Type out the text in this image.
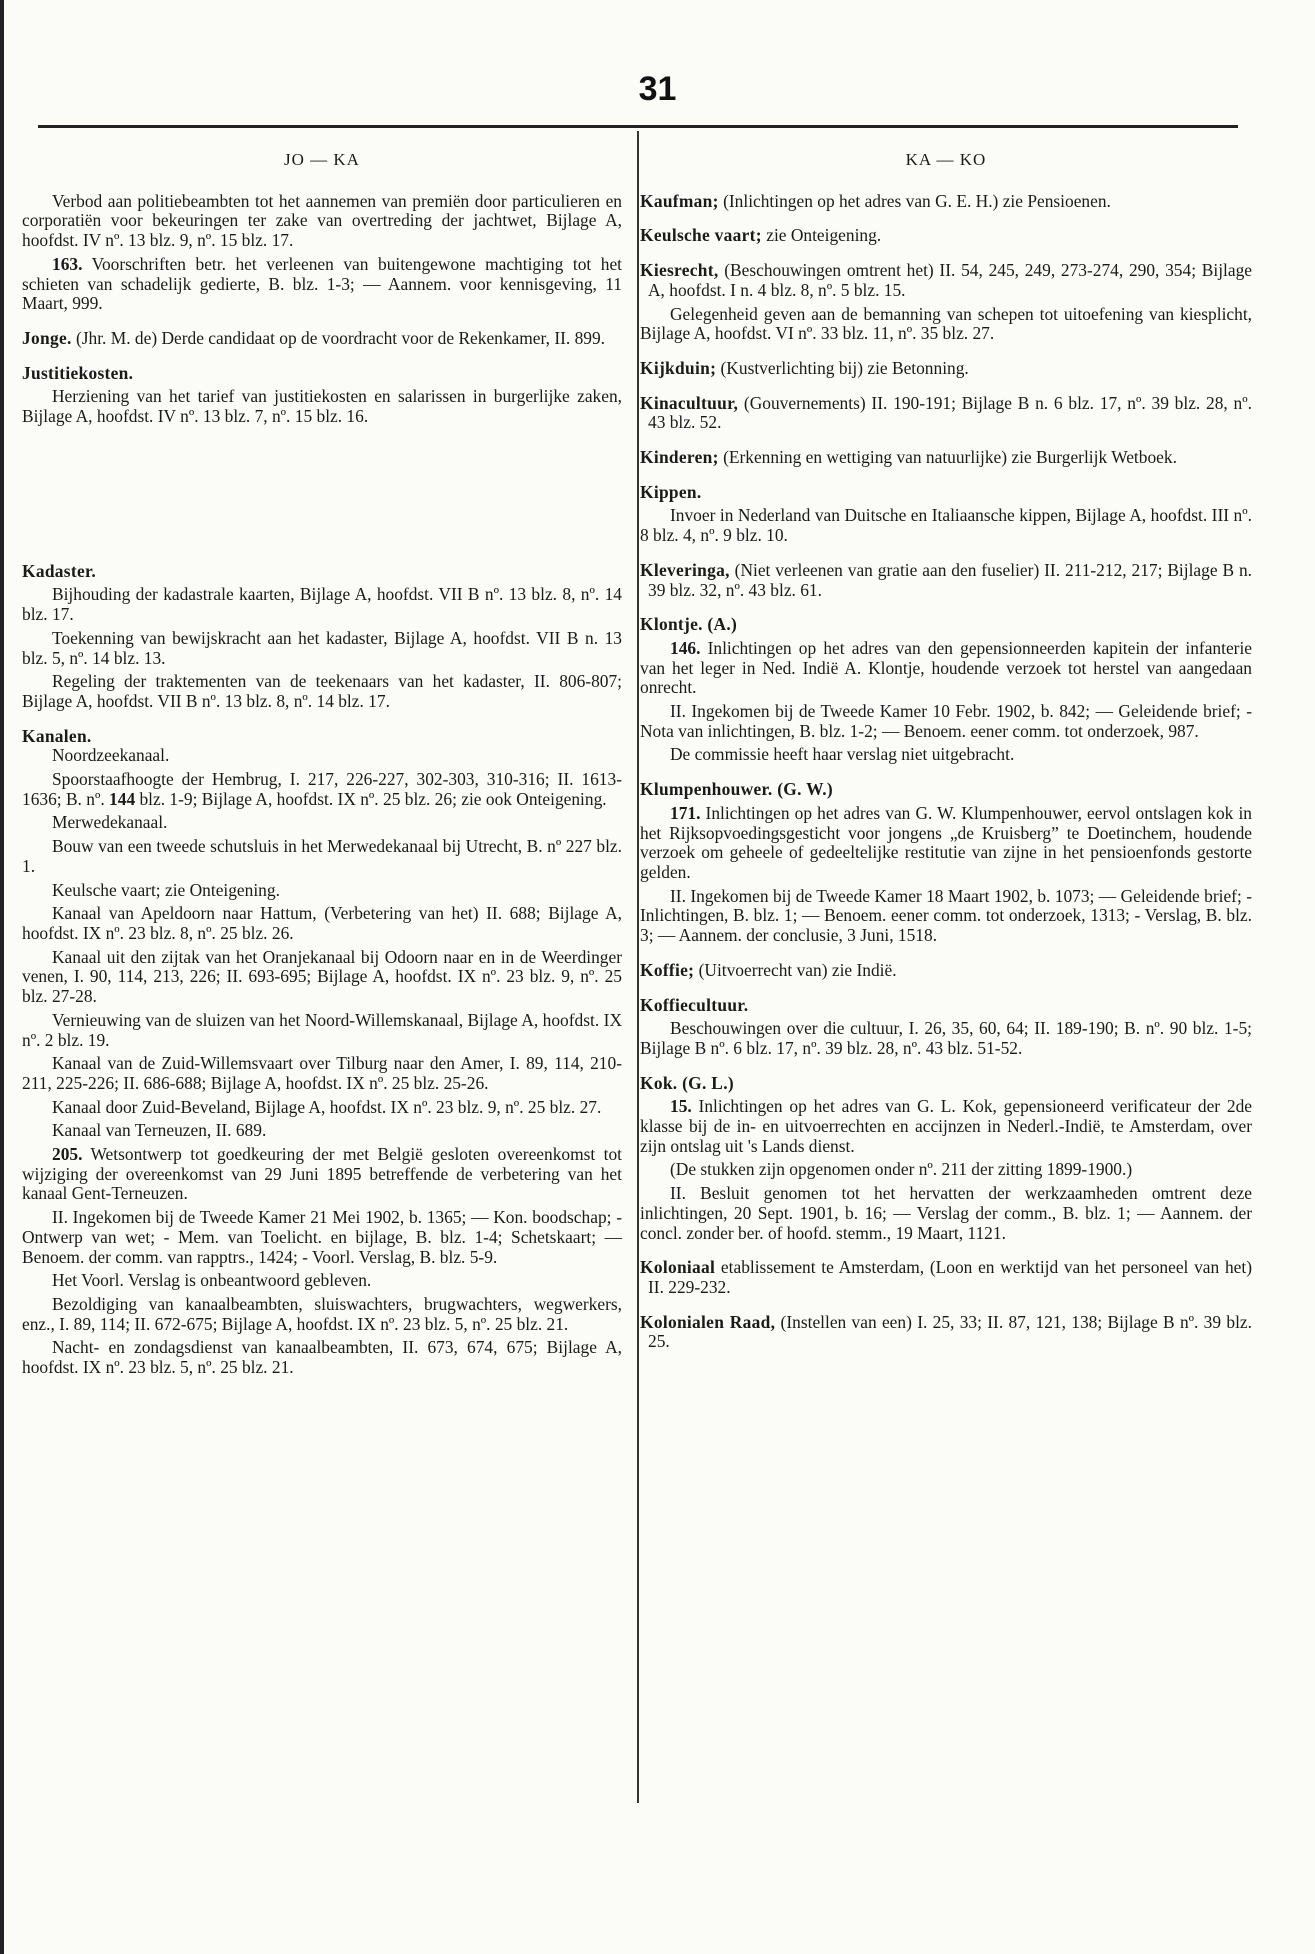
31
JO — KA

Verbod aan politiebeambten tot het aannemen van premiën door particulieren en corporatiën voor bekeuringen ter zake van overtreding der jachtwet, Bijlage A, hoofdst. IV nº. 13 blz. 9, nº. 15 blz. 17.

163. Voorschriften betr. het verleenen van buitengewone machtiging tot het schieten van schadelijk gedierte, B. blz. 1-3; — Aannem. voor kennisgeving, 11 Maart, 999.

Jonge. (Jhr. M. de) Derde candidaat op de voordracht voor de Rekenkamer, II. 899.

Justitiekosten.

Herziening van het tarief van justitiekosten en salarissen in burgerlijke zaken, Bijlage A, hoofdst. IV nº. 13 blz. 7, nº. 15 blz. 16.

Kadaster.

Bijhouding der kadastrale kaarten, Bijlage A, hoofdst. VII B nº. 13 blz. 8, nº. 14 blz. 17.

Toekenning van bewijskracht aan het kadaster, Bijlage A, hoofdst. VII B n. 13 blz. 5, nº. 14 blz. 13.

Regeling der traktementen van de teekenaars van het kadaster, II. 806-807; Bijlage A, hoofdst. VII B nº. 13 blz. 8, nº. 14 blz. 17.

Kanalen.

Noordzeekanaal.

Spoorstaafhoogte der Hembrug, I. 217, 226-227, 302-303, 310-316; II. 1613-1636; B. nº. 144 blz. 1-9; Bijlage A, hoofdst. IX nº. 25 blz. 26; zie ook Onteigening.

Merwedekanaal.

Bouw van een tweede schutsluis in het Merwedekanaal bij Utrecht, B. nº 227 blz. 1.

Keulsche vaart; zie Onteigening.

Kanaal van Apeldoorn naar Hattum, (Verbetering van het) II. 688; Bijlage A, hoofdst. IX nº. 23 blz. 8, nº. 25 blz. 26.

Kanaal uit den zijtak van het Oranjekanaal bij Odoorn naar en in de Weerdinger venen, I. 90, 114, 213, 226; II. 693-695; Bijlage A, hoofdst. IX nº. 23 blz. 9, nº. 25 blz. 27-28.

Vernieuwing van de sluizen van het Noord-Willemskanaal, Bijlage A, hoofdst. IX nº. 2 blz. 19.

Kanaal van de Zuid-Willemsvaart over Tilburg naar den Amer, I. 89, 114, 210-211, 225-226; II. 686-688; Bijlage A, hoofdst. IX nº. 25 blz. 25-26.

Kanaal door Zuid-Beveland, Bijlage A, hoofdst. IX nº. 23 blz. 9, nº. 25 blz. 27.

Kanaal van Terneuzen, II. 689.

205. Wetsontwerp tot goedkeuring der met België gesloten overeenkomst tot wijziging der overeenkomst van 29 Juni 1895 betreffende de verbetering van het kanaal Gent-Terneuzen.

II. Ingekomen bij de Tweede Kamer 21 Mei 1902, b. 1365; — Kon. boodschap; - Ontwerp van wet; - Mem. van Toelicht. en bijlage, B. blz. 1-4; Schetskaart; — Benoem. der comm. van rapptrs., 1424; - Voorl. Verslag, B. blz. 5-9.

Het Voorl. Verslag is onbeantwoord gebleven.

Bezoldiging van kanaalbeambten, sluiswachters, brugwachters, wegwerkers, enz., I. 89, 114; II. 672-675; Bijlage A, hoofdst. IX nº. 23 blz. 5, nº. 25 blz. 21.

Nacht- en zondagsdienst van kanaalbeambten, II. 673, 674, 675; Bijlage A, hoofdst. IX nº. 23 blz. 5, nº. 25 blz. 21.

KA — KO

Kaufman; (Inlichtingen op het adres van G. E. H.) zie Pensioenen.

Keulsche vaart; zie Onteigening.

Kiesrecht, (Beschouwingen omtrent het) II. 54, 245, 249, 273-274, 290, 354; Bijlage A, hoofdst. I n. 4 blz. 8, nº. 5 blz. 15.

Gelegenheid geven aan de bemanning van schepen tot uitoefening van kiesplicht, Bijlage A, hoofdst. VI nº. 33 blz. 11, nº. 35 blz. 27.

Kijkduin; (Kustverlichting bij) zie Betonning.

Kinacultuur, (Gouvernements) II. 190-191; Bijlage B n. 6 blz. 17, nº. 39 blz. 28, nº. 43 blz. 52.

Kinderen; (Erkenning en wettiging van natuurlijke) zie Burgerlijk Wetboek.

Kippen.

Invoer in Nederland van Duitsche en Italiaansche kippen, Bijlage A, hoofdst. III nº. 8 blz. 4, nº. 9 blz. 10.

Kleveringa, (Niet verleenen van gratie aan den fuselier) II. 211-212, 217; Bijlage B n. 39 blz. 32, nº. 43 blz. 61.

Klontje. (A.)

146. Inlichtingen op het adres van den gepensionneerden kapitein der infanterie van het leger in Ned. Indië A. Klontje, houdende verzoek tot herstel van aangedaan onrecht.

II. Ingekomen bij de Tweede Kamer 10 Febr. 1902, b. 842; — Geleidende brief; - Nota van inlichtingen, B. blz. 1-2; — Benoem. eener comm. tot onderzoek, 987.

De commissie heeft haar verslag niet uitgebracht.

Klumpenhouwer. (G. W.)

171. Inlichtingen op het adres van G. W. Klumpenhouwer, eervol ontslagen kok in het Rijksopvoedingsgesticht voor jongens „de Kruisberg” te Doetinchem, houdende verzoek om geheele of gedeeltelijke restitutie van zijne in het pensioenfonds gestorte gelden.

II. Ingekomen bij de Tweede Kamer 18 Maart 1902, b. 1073; — Geleidende brief; - Inlichtingen, B. blz. 1; — Benoem. eener comm. tot onderzoek, 1313; - Verslag, B. blz. 3; — Aannem. der conclusie, 3 Juni, 1518.

Koffie; (Uitvoerrecht van) zie Indië.

Koffiecultuur.

Beschouwingen over die cultuur, I. 26, 35, 60, 64; II. 189-190; B. nº. 90 blz. 1-5; Bijlage B nº. 6 blz. 17, nº. 39 blz. 28, nº. 43 blz. 51-52.

Kok. (G. L.)

15. Inlichtingen op het adres van G. L. Kok, gepensioneerd verificateur der 2de klasse bij de in- en uitvoerrechten en accijnzen in Nederl.-Indië, te Amsterdam, over zijn ontslag uit 's Lands dienst.

(De stukken zijn opgenomen onder nº. 211 der zitting 1899-1900.)

II. Besluit genomen tot het hervatten der werkzaamheden omtrent deze inlichtingen, 20 Sept. 1901, b. 16; — Verslag der comm., B. blz. 1; — Aannem. der concl. zonder ber. of hoofd. stemm., 19 Maart, 1121.

Koloniaal etablissement te Amsterdam, (Loon en werktijd van het personeel van het) II. 229-232.

Kolonialen Raad, (Instellen van een) I. 25, 33; II. 87, 121, 138; Bijlage B nº. 39 blz. 25.
